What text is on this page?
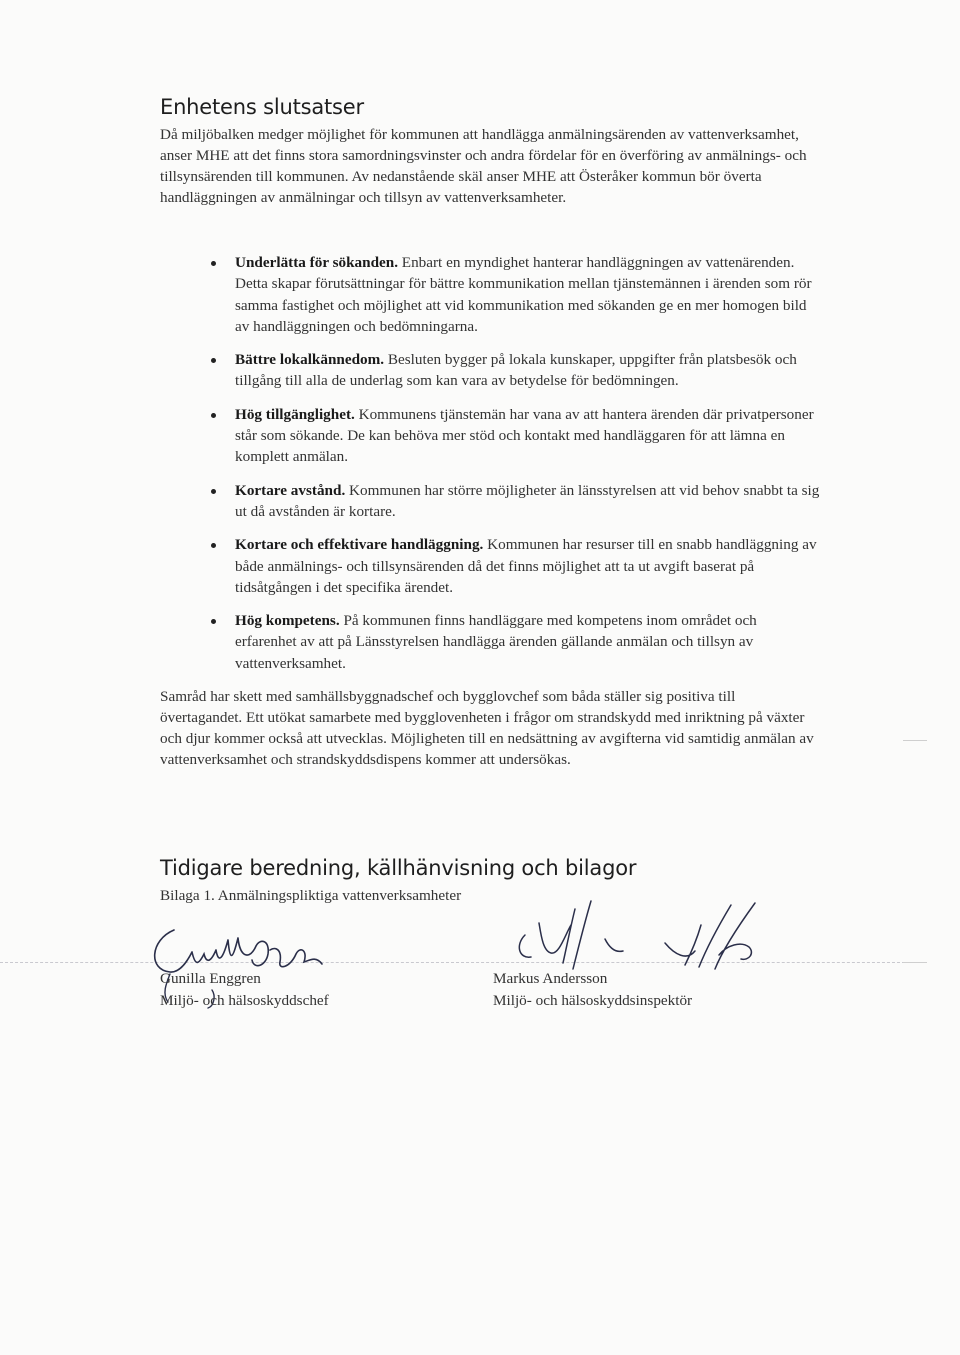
Enhetens slutsatser

Då miljöbalken medger möjlighet för kommunen att handlägga anmälningsärenden av vattenverksamhet, anser MHE att det finns stora samordningsvinster och andra fördelar för en överföring av anmälnings- och tillsynsärenden till kommunen. Av nedanstående skäl anser MHE att Österåker kommun bör överta handläggningen av anmälningar och tillsyn av vattenverksamheter.

Underlätta för sökanden. Enbart en myndighet hanterar handläggningen av vattenärenden. Detta skapar förutsättningar för bättre kommunikation mellan tjänstemännen i ärenden som rör samma fastighet och möjlighet att vid kommunikation med sökanden ge en mer homogen bild av handläggningen och bedömningarna.
Bättre lokalkännedom. Besluten bygger på lokala kunskaper, uppgifter från platsbesök och tillgång till alla de underlag som kan vara av betydelse för bedömningen.
Hög tillgänglighet. Kommunens tjänstemän har vana av att hantera ärenden där privatpersoner står som sökande. De kan behöva mer stöd och kontakt med handläggaren för att lämna en komplett anmälan.
Kortare avstånd. Kommunen har större möjligheter än länsstyrelsen att vid behov snabbt ta sig ut då avstånden är kortare.
Kortare och effektivare handläggning. Kommunen har resurser till en snabb handläggning av både anmälnings- och tillsynsärenden då det finns möjlighet att ta ut avgift baserat på tidsåtgången i det specifika ärendet.
Hög kompetens. På kommunen finns handläggare med kompetens inom området och erfarenhet av att på Länsstyrelsen handlägga ärenden gällande anmälan och tillsyn av vattenverksamhet.

Samråd har skett med samhällsbyggnadschef och bygglovchef som båda ställer sig positiva till övertagandet. Ett utökat samarbete med bygglovenheten i frågor om strandskydd med inriktning på växter och djur kommer också att utvecklas. Möjligheten till en nedsättning av avgifterna vid samtidig anmälan av vattenverksamhet och strandskyddsdispens kommer att undersökas.

Tidigare beredning, källhänvisning och bilagor

Bilaga 1. Anmälningspliktiga vattenverksamheter

Gunilla Enggren
Miljö- och hälsoskyddschef
Markus Andersson
Miljö- och hälsoskyddsinspektör
